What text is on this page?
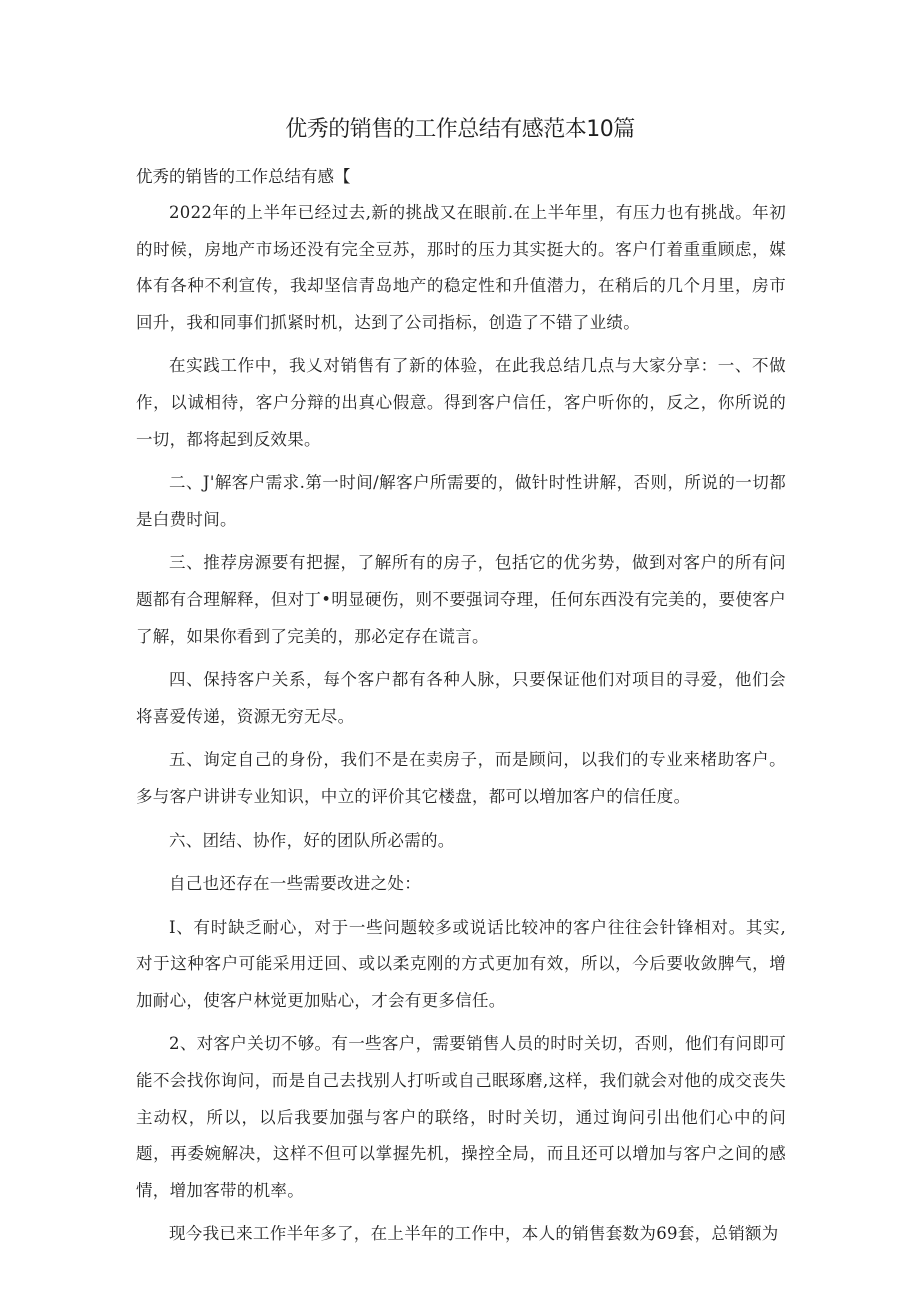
优秀的销售的工作总结有感范本10篇

优秀的销皆的工作总结有感【

2022年的上半年已经过去,新的挑战又在眼前.在上半年里，有压力也有挑战。年初的时候，房地产市场还没有完全豆苏，那时的压力其实挺大的。客户仃着重重顾虑，媒体有各种不利宣传，我却坚信青岛地产的稳定性和升值潜力，在稍后的几个月里，房市回升，我和同事们抓紧时机，达到了公司指标，创造了不错了业绩。

在实践工作中，我乂对销售有了新的体验，在此我总结几点与大家分享：一、不做作，以诚相待，客户分辩的出真心假意。得到客户信任，客户听你的，反之，你所说的一切，都将起到反效果。

二、J'解客户需求.第一时间/解客户所需要的，做针时性讲解，否则，所说的一切都是白费时间。

三、推荐房源要有把握，了解所有的房子，包括它的优劣势，做到对客户的所有问题都有合理解释，但对丁•明显硬伤，则不要强词夺理，任何东西没有完美的，要使客户了解，如果你看到了完美的，那必定存在谎言。

四、保持客户关系，每个客户都有各种人脉，只要保证他们对项目的寻爱，他们会将喜爱传递，资源无穷无尽。

五、询定自己的身份，我们不是在卖房子，而是顾问，以我们的专业来楮助客户。多与客户讲讲专业知识，中立的评价其它楼盘，都可以増加客户的信任度。

六、团结、协作，好的团队所必需的。

自己也还存在一些需要改进之处：

I、有时缺乏耐心，对于一些问题较多或说话比较冲的客户往往会针锋相对。其实,对于这种客户可能采用迂回、或以柔克刚的方式更加有效，所以，今后要收敛脾气，增加耐心，使客户林觉更加贴心，才会有更多信任。

2、对客户关切不够。有一些客户，需要销售人员的时时关切，否则，他们有问即可能不会找你询问，而是自己去找别人打听或自己眠琢磨,这样，我们就会对他的成交丧失主动权，所以，以后我要加强与客户的联络，时时关切，通过询问引出他们心中的问题，再委婉解决，这样不但可以掌握先机，操控全局，而且还可以增加与客户之间的感情，增加客带的机率。

现今我已来工作半年多了，在上半年的工作中，本人的销售套数为69套，总销额为
